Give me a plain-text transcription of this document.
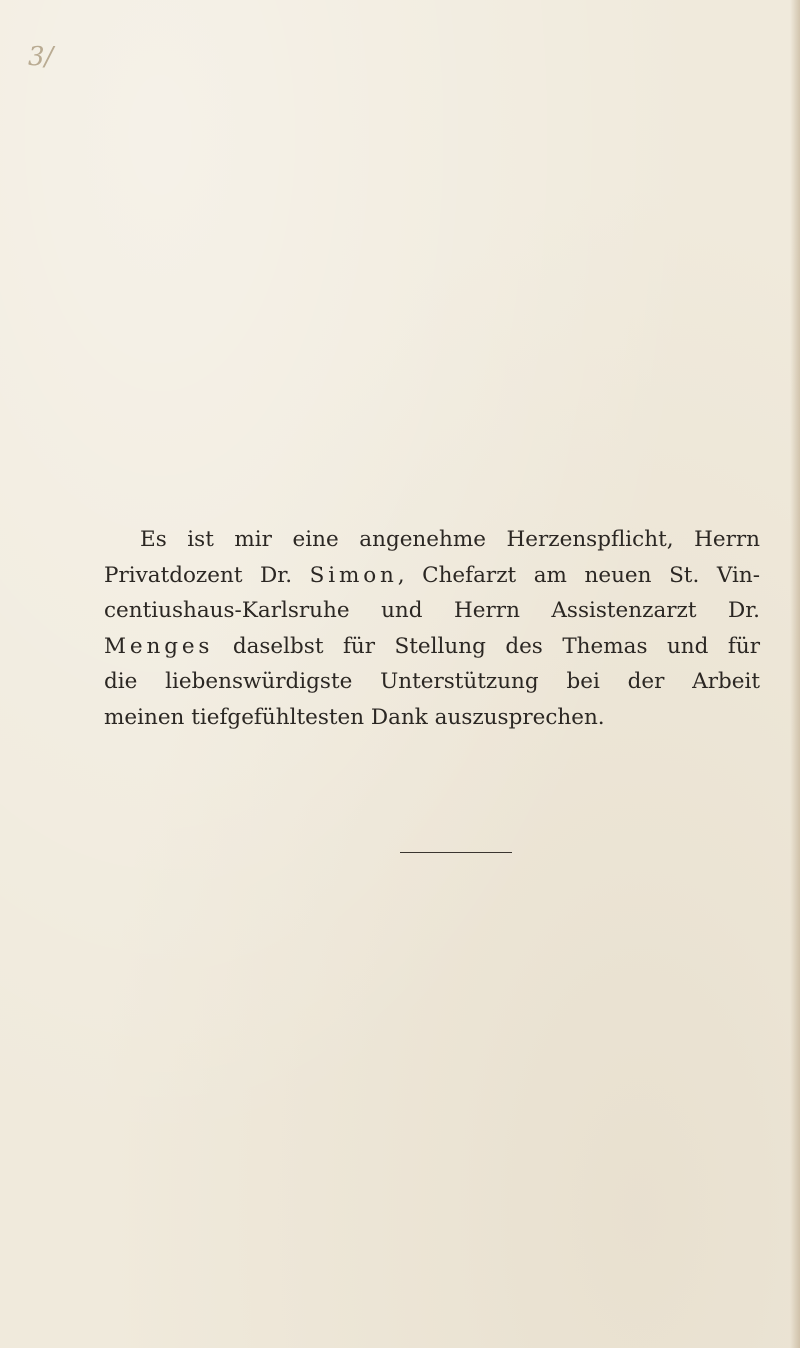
3/
Es ist mir eine angenehme Herzenspflicht, Herrn
Privatdozent Dr. Simon, Chefarzt am neuen St. Vin-
centiushaus-Karlsruhe und Herrn Assistenzarzt Dr.
Menges daselbst für Stellung des Themas und für
die liebenswürdigste Unterstützung bei der Arbeit
meinen tiefgefühltesten Dank auszusprechen.
